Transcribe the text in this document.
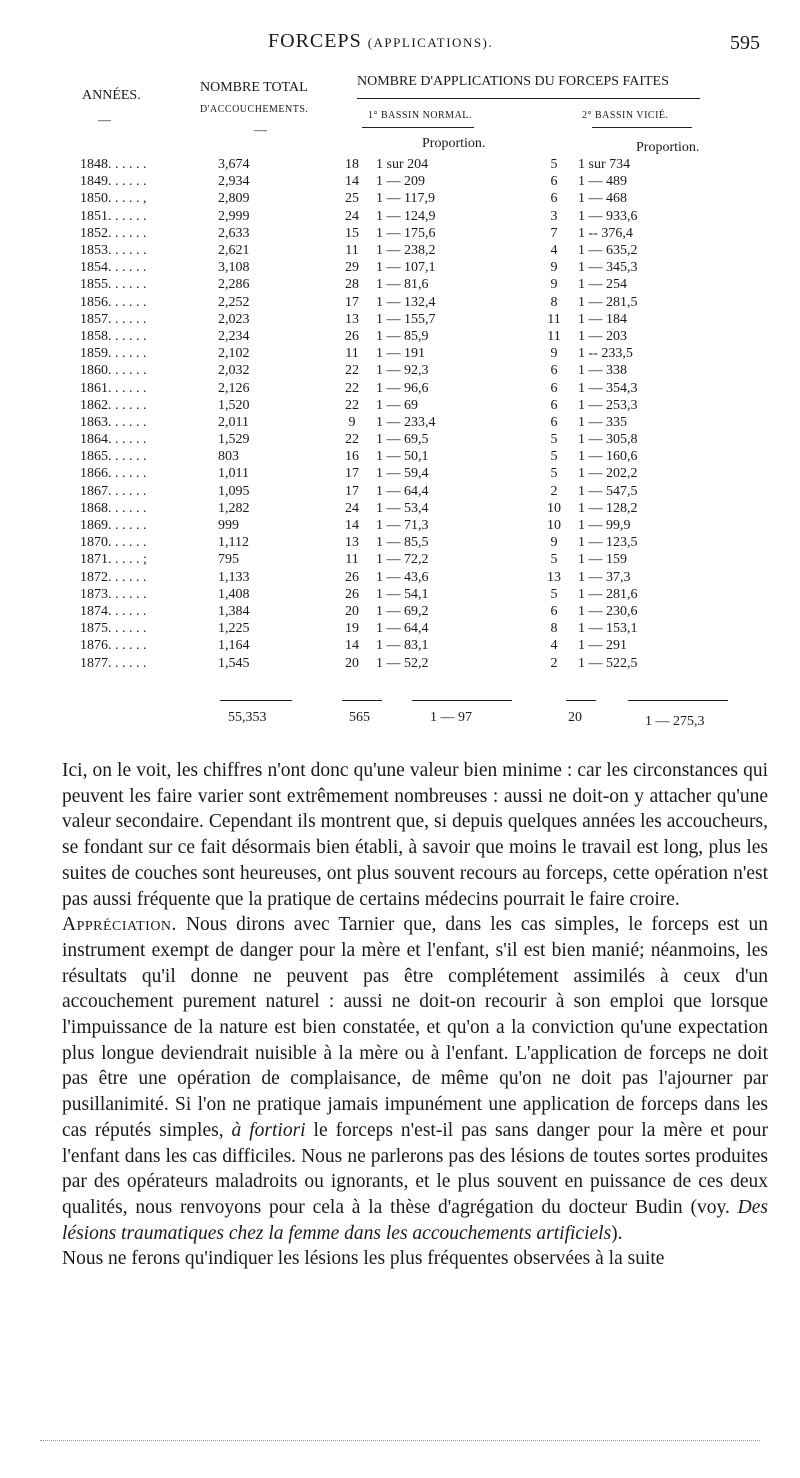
FORCEPS (APPLICATIONS).	595
ANNÉES.
—
NOMBRE TOTAL
D'ACCOUCHEMENTS.
—
NOMBRE D'APPLICATIONS DU FORCEPS FAITES
1° BASSIN NORMAL.	2° BASSIN VICIÉ.
Proportion.	Proportion.
1848. . . . . .	3,674	18	1 sur 204	5	1 sur 734
1849. . . . . .	2,934	14	1 — 209	6	1 — 489
1850. . . . . ,	2,809	25	1 — 117,9	6	1 — 468
1851. . . . . .	2,999	24	1 — 124,9	3	1 — 933,6
1852. . . . . .	2,633	15	1 — 175,6	7	1 -- 376,4
1853. . . . . .	2,621	11	1 — 238,2	4	1 — 635,2
1854. . . . . .	3,108	29	1 — 107,1	9	1 — 345,3
1855. . . . . .	2,286	28	1 — 81,6	9	1 — 254
1856. . . . . .	2,252	17	1 — 132,4	8	1 — 281,5
1857. . . . . .	2,023	13	1 — 155,7	11	1 — 184
1858. . . . . .	2,234	26	1 — 85,9	11	1 — 203
1859. . . . . .	2,102	11	1 — 191	9	1 -- 233,5
1860. . . . . .	2,032	22	1 — 92,3	6	1 — 338
1861. . . . . .	2,126	22	1 — 96,6	6	1 — 354,3
1862. . . . . .	1,520	22	1 — 69	6	1 — 253,3
1863. . . . . .	2,011	9	1 — 233,4	6	1 — 335
1864. . . . . .	1,529	22	1 — 69,5	5	1 — 305,8
1865. . . . . .	803	16	1 — 50,1	5	1 — 160,6
1866. . . . . .	1,011	17	1 — 59,4	5	1 — 202,2
1867. . . . . .	1,095	17	1 — 64,4	2	1 — 547,5
1868. . . . . .	1,282	24	1 — 53,4	10	1 — 128,2
1869. . . . . .	999	14	1 — 71,3	10	1 — 99,9
1870. . . . . .	1,112	13	1 — 85,5	9	1 — 123,5
1871. . . . . ;	795	11	1 — 72,2	5	1 — 159
1872. . . . . .	1,133	26	1 — 43,6	13	1 — 37,3
1873. . . . . .	1,408	26	1 — 54,1	5	1 — 281,6
1874. . . . . .	1,384	20	1 — 69,2	6	1 — 230,6
1875. . . . . .	1,225	19	1 — 64,4	8	1 — 153,1
1876. . . . . .	1,164	14	1 — 83,1	4	1 — 291
1877. . . . . .	1,545	20	1 — 52,2	2	1 — 522,5
55,353	565	1 — 97	20	1 — 275,3

Ici, on le voit, les chiffres n'ont donc qu'une valeur bien minime : car les circonstances qui peuvent les faire varier sont extrêmement nombreuses : aussi ne doit-on y attacher qu'une valeur secondaire. Cependant ils montrent que, si depuis quelques années les accoucheurs, se fondant sur ce fait désormais bien établi, à savoir que moins le travail est long, plus les suites de couches sont heureuses, ont plus souvent recours au forceps, cette opération n'est pas aussi fréquente que la pratique de certains médecins pourrait le faire croire.

Appréciation. Nous dirons avec Tarnier que, dans les cas simples, le forceps est un instrument exempt de danger pour la mère et l'enfant, s'il est bien manié; néanmoins, les résultats qu'il donne ne peuvent pas être complétement assimilés à ceux d'un accouchement purement naturel : aussi ne doit-on recourir à son emploi que lorsque l'impuissance de la nature est bien constatée, et qu'on a la conviction qu'une expectation plus longue deviendrait nuisible à la mère ou à l'enfant. L'application de forceps ne doit pas être une opération de complaisance, de même qu'on ne doit pas l'ajourner par pusillanimité. Si l'on ne pratique jamais impunément une application de forceps dans les cas réputés simples, à fortiori le forceps n'est-il pas sans danger pour la mère et pour l'enfant dans les cas difficiles. Nous ne parlerons pas des lésions de toutes sortes produites par des opérateurs maladroits ou ignorants, et le plus souvent en puissance de ces deux qualités, nous renvoyons pour cela à la thèse d'agrégation du docteur Budin (voy. Des lésions traumatiques chez la femme dans les accouchements artificiels).

Nous ne ferons qu'indiquer les lésions les plus fréquentes observées à la suite
